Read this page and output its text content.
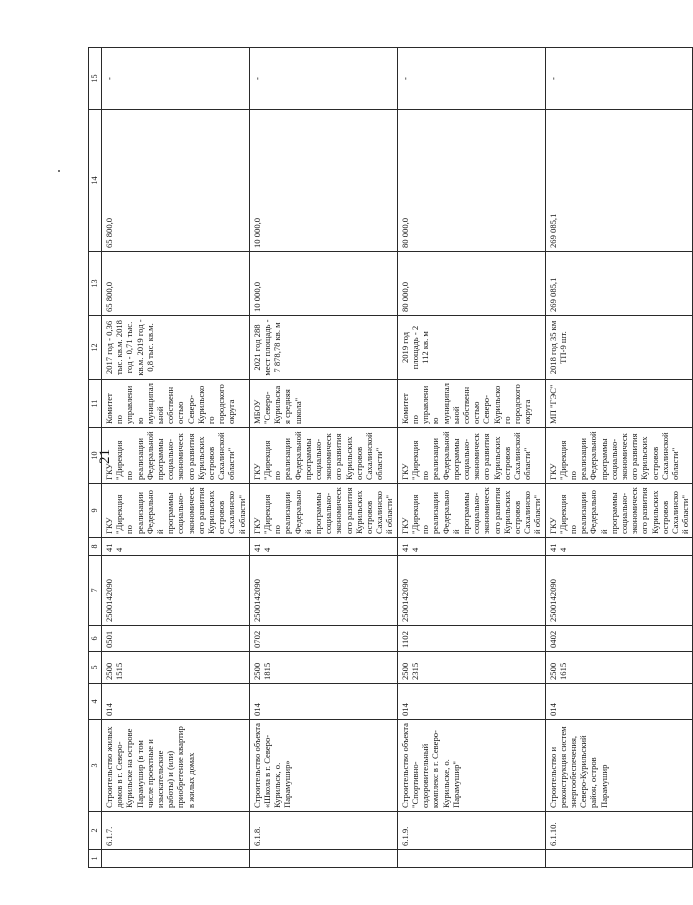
21
1	2	3	4	5	6	7	8	9	10	11	12	13	14	15
	6.1.7.	Строительство жилых домов в г. Северо-Курильске на острове Парамушир (в том числе проектные и изыскательские работы) и (или) приобретение квартир в жилых домах	014	2500 1515	0501	2500142090	414	ГКУ "Дирекция по реализации Федеральной программы социально-экономического развития Курильских островов Сахалинской области"	ГКУ "Дирекция по реализации Федеральной программы социально-экономического развития Курильских островов Сахалинской области"	Комитет по управлению муниципальной собственностью Северо-Курильского городского округа	2017 год - 0,36 тыс. кв.м. 2018 год - 0,71 тыс. кв.м. 2019 год - 0,8 тыс. кв.м.	65 800,0	65 800,0	-
	6.1.8.	Строительство объекта «Школа в г. Северо-Курильск, о. Парамушир»	014	2500 1815	0702	2500142090	414	ГКУ "Дирекция по реализации Федеральной программы социально-экономического развития Курильских островов Сахалинской области"	ГКУ "Дирекция по реализации Федеральной программы социально-экономического развития Курильских островов Сахалинской области"	МБОУ "Северо-Курильская средняя школа"	2021 год 288 мест площадь - 7 878,78 кв. м	10 000,0	10 000,0	-
	6.1.9.	Строительство объекта "Спортивно-оздоровительный комплекс в г. Северо-Курильске, о. Парамушир"	014	2500 2315	1102	2500142090	414	ГКУ "Дирекция по реализации Федеральной программы социально-экономического развития Курильских островов Сахалинской области"	ГКУ "Дирекция по реализации Федеральной программы социально-экономического развития Курильских островов Сахалинской области"	Комитет по управлению муниципальной собственностью Северо-Курильского городского округа	2019 год площадь - 2 112 кв. м	80 000,0	80 000,0	-
	6.1.10.	Строительство и реконструкция систем энергообеспечения, Северо-Курильский район, остров Парамушир	014	2500 1615	0402	2500142090	414	ГКУ "Дирекция по реализации Федеральной программы социально-экономического развития Курильских островов Сахалинской области"	ГКУ "Дирекция по реализации Федеральной программы социально-экономического развития Курильских островов Сахалинской области"	МП "ГЭС"	2018 год 35 км ТП-9 шт.	269 085,1	269 085,1	-
